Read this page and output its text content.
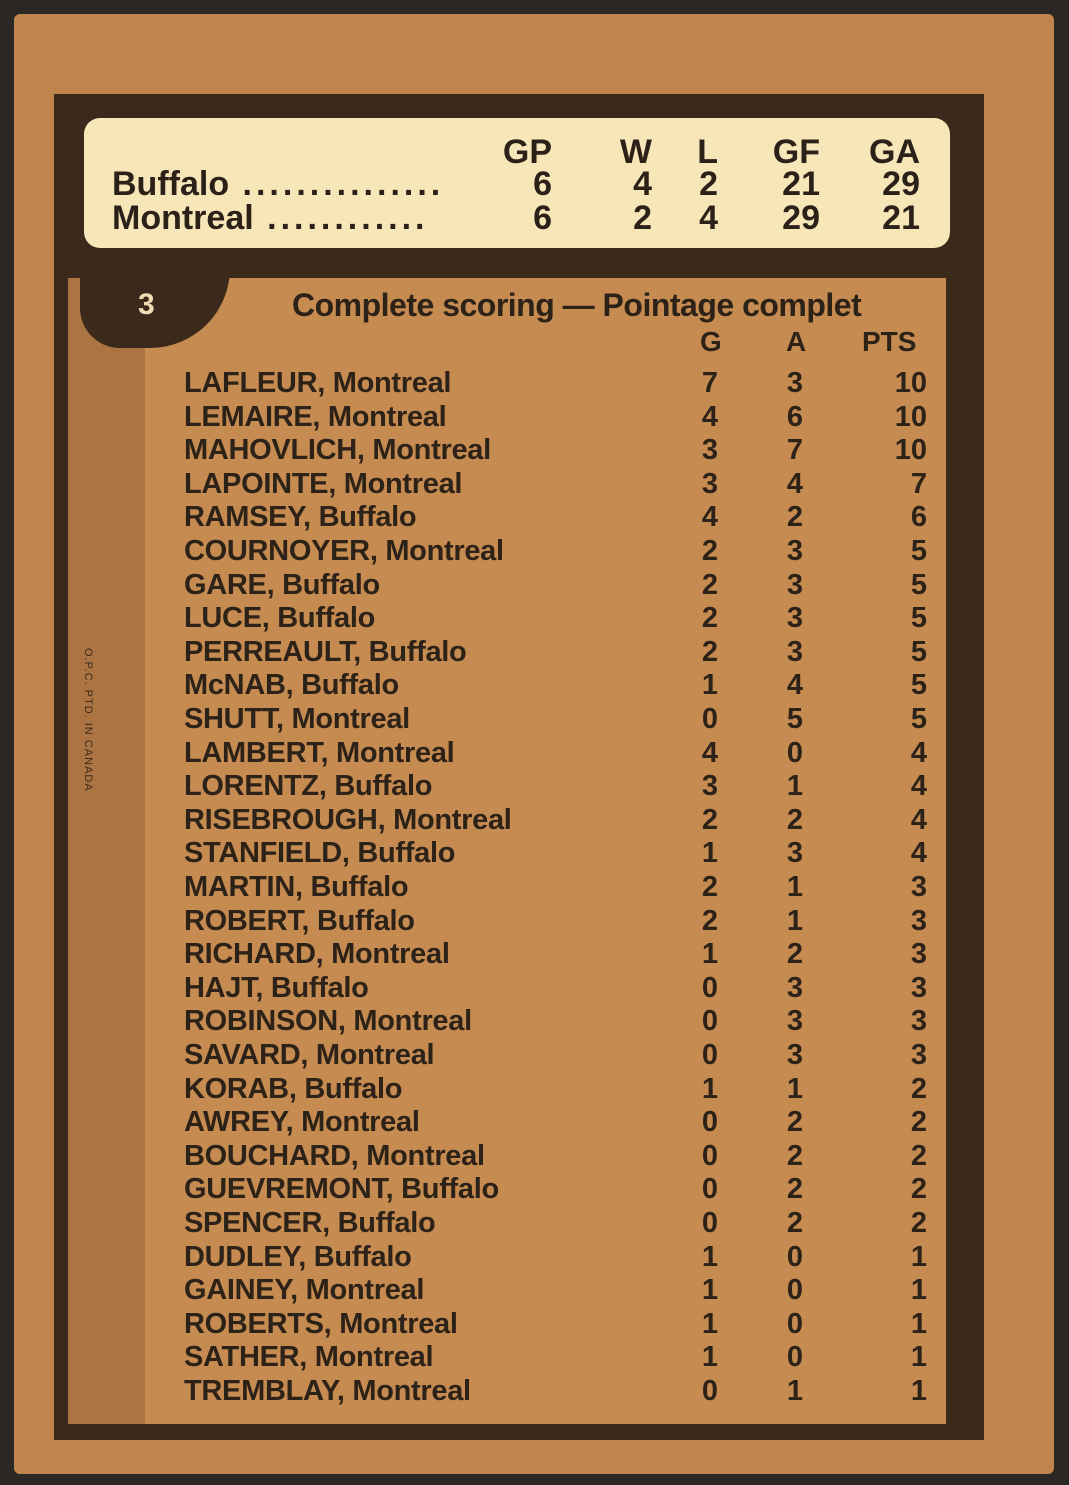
GP W L GF GA
Buffalo ...............	6 4 2 21 29
Montreal ............	6 2 4 29 21
3	Complete scoring — Pointage complet
G A PTS
O.P.C. PTD. IN CANADA
LAFLEUR, Montreal	7 3	10
LEMAIRE, Montreal	4 6	10
MAHOVLICH, Montreal	3 7	10
LAPOINTE, Montreal	3 4	7
RAMSEY, Buffalo	4 2	6
COURNOYER, Montreal	2 3	5
GARE, Buffalo	2 3	5
LUCE, Buffalo	2 3	5
PERREAULT, Buffalo	2 3	5
McNAB, Buffalo	1 4	5
SHUTT, Montreal	0 5	5
LAMBERT, Montreal	4 0	4
LORENTZ, Buffalo	3 1	4
RISEBROUGH, Montreal	2 2	4
STANFIELD, Buffalo	1 3	4
MARTIN, Buffalo	2 1	3
ROBERT, Buffalo	2 1	3
RICHARD, Montreal	1 2	3
HAJT, Buffalo	0 3	3
ROBINSON, Montreal	0 3	3
SAVARD, Montreal	0 3	3
KORAB, Buffalo	1 1	2
AWREY, Montreal	0 2	2
BOUCHARD, Montreal	0 2	2
GUEVREMONT, Buffalo	0 2	2
SPENCER, Buffalo	0 2	2
DUDLEY, Buffalo	1 0	1
GAINEY, Montreal	1 0	1
ROBERTS, Montreal	1 0	1
SATHER, Montreal	1 0	1
TREMBLAY, Montreal	0 1	1
